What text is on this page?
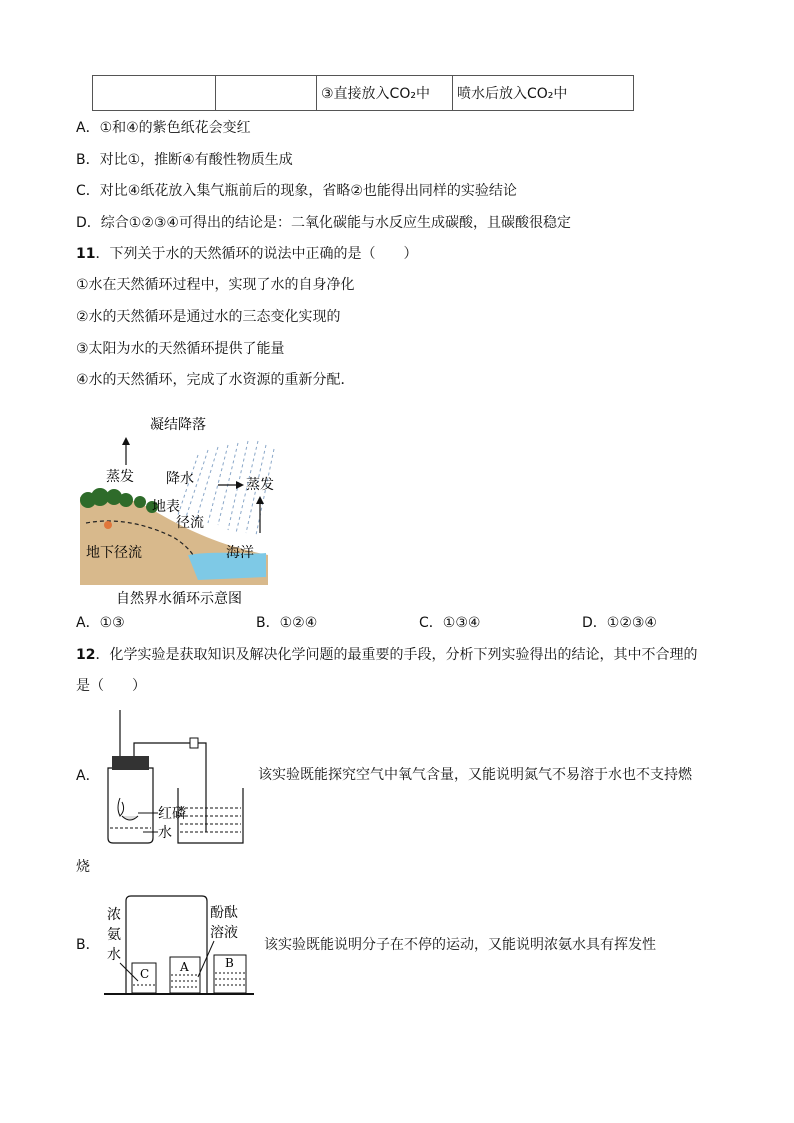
		③直接放入CO₂中	喷水后放入CO₂中
A．①和④的紫色纸花会变红
B．对比①，推断④有酸性物质生成
C．对比④纸花放入集气瓶前后的现象，省略②也能得出同样的实验结论
D．综合①②③④可得出的结论是：二氧化碳能与水反应生成碳酸，且碳酸很稳定
11．下列关于水的天然循环的说法中正确的是（　　）
①水在天然循环过程中，实现了水的自身净化
②水的天然循环是通过水的三态变化实现的
③太阳为水的天然循环提供了能量
④水的天然循环，完成了水资源的重新分配．
凝结降落
蒸发 降水	蒸发
地表
径流
地下径流	海洋
自然界水循环示意图
A．①③	B．①②④	C．①③④	D．①②③④
12．化学实验是获取知识及解决化学问题的最重要的手段，分析下列实验得出的结论，其中不合理的
是（　　）
A．
红磷
水
该实验既能探究空气中氧气含量，又能说明氮气不易溶于水也不支持燃
烧
B．
C	A	B
浓
氨
水
酚酞
溶液
该实验既能说明分子在不停的运动，又能说明浓氨水具有挥发性
